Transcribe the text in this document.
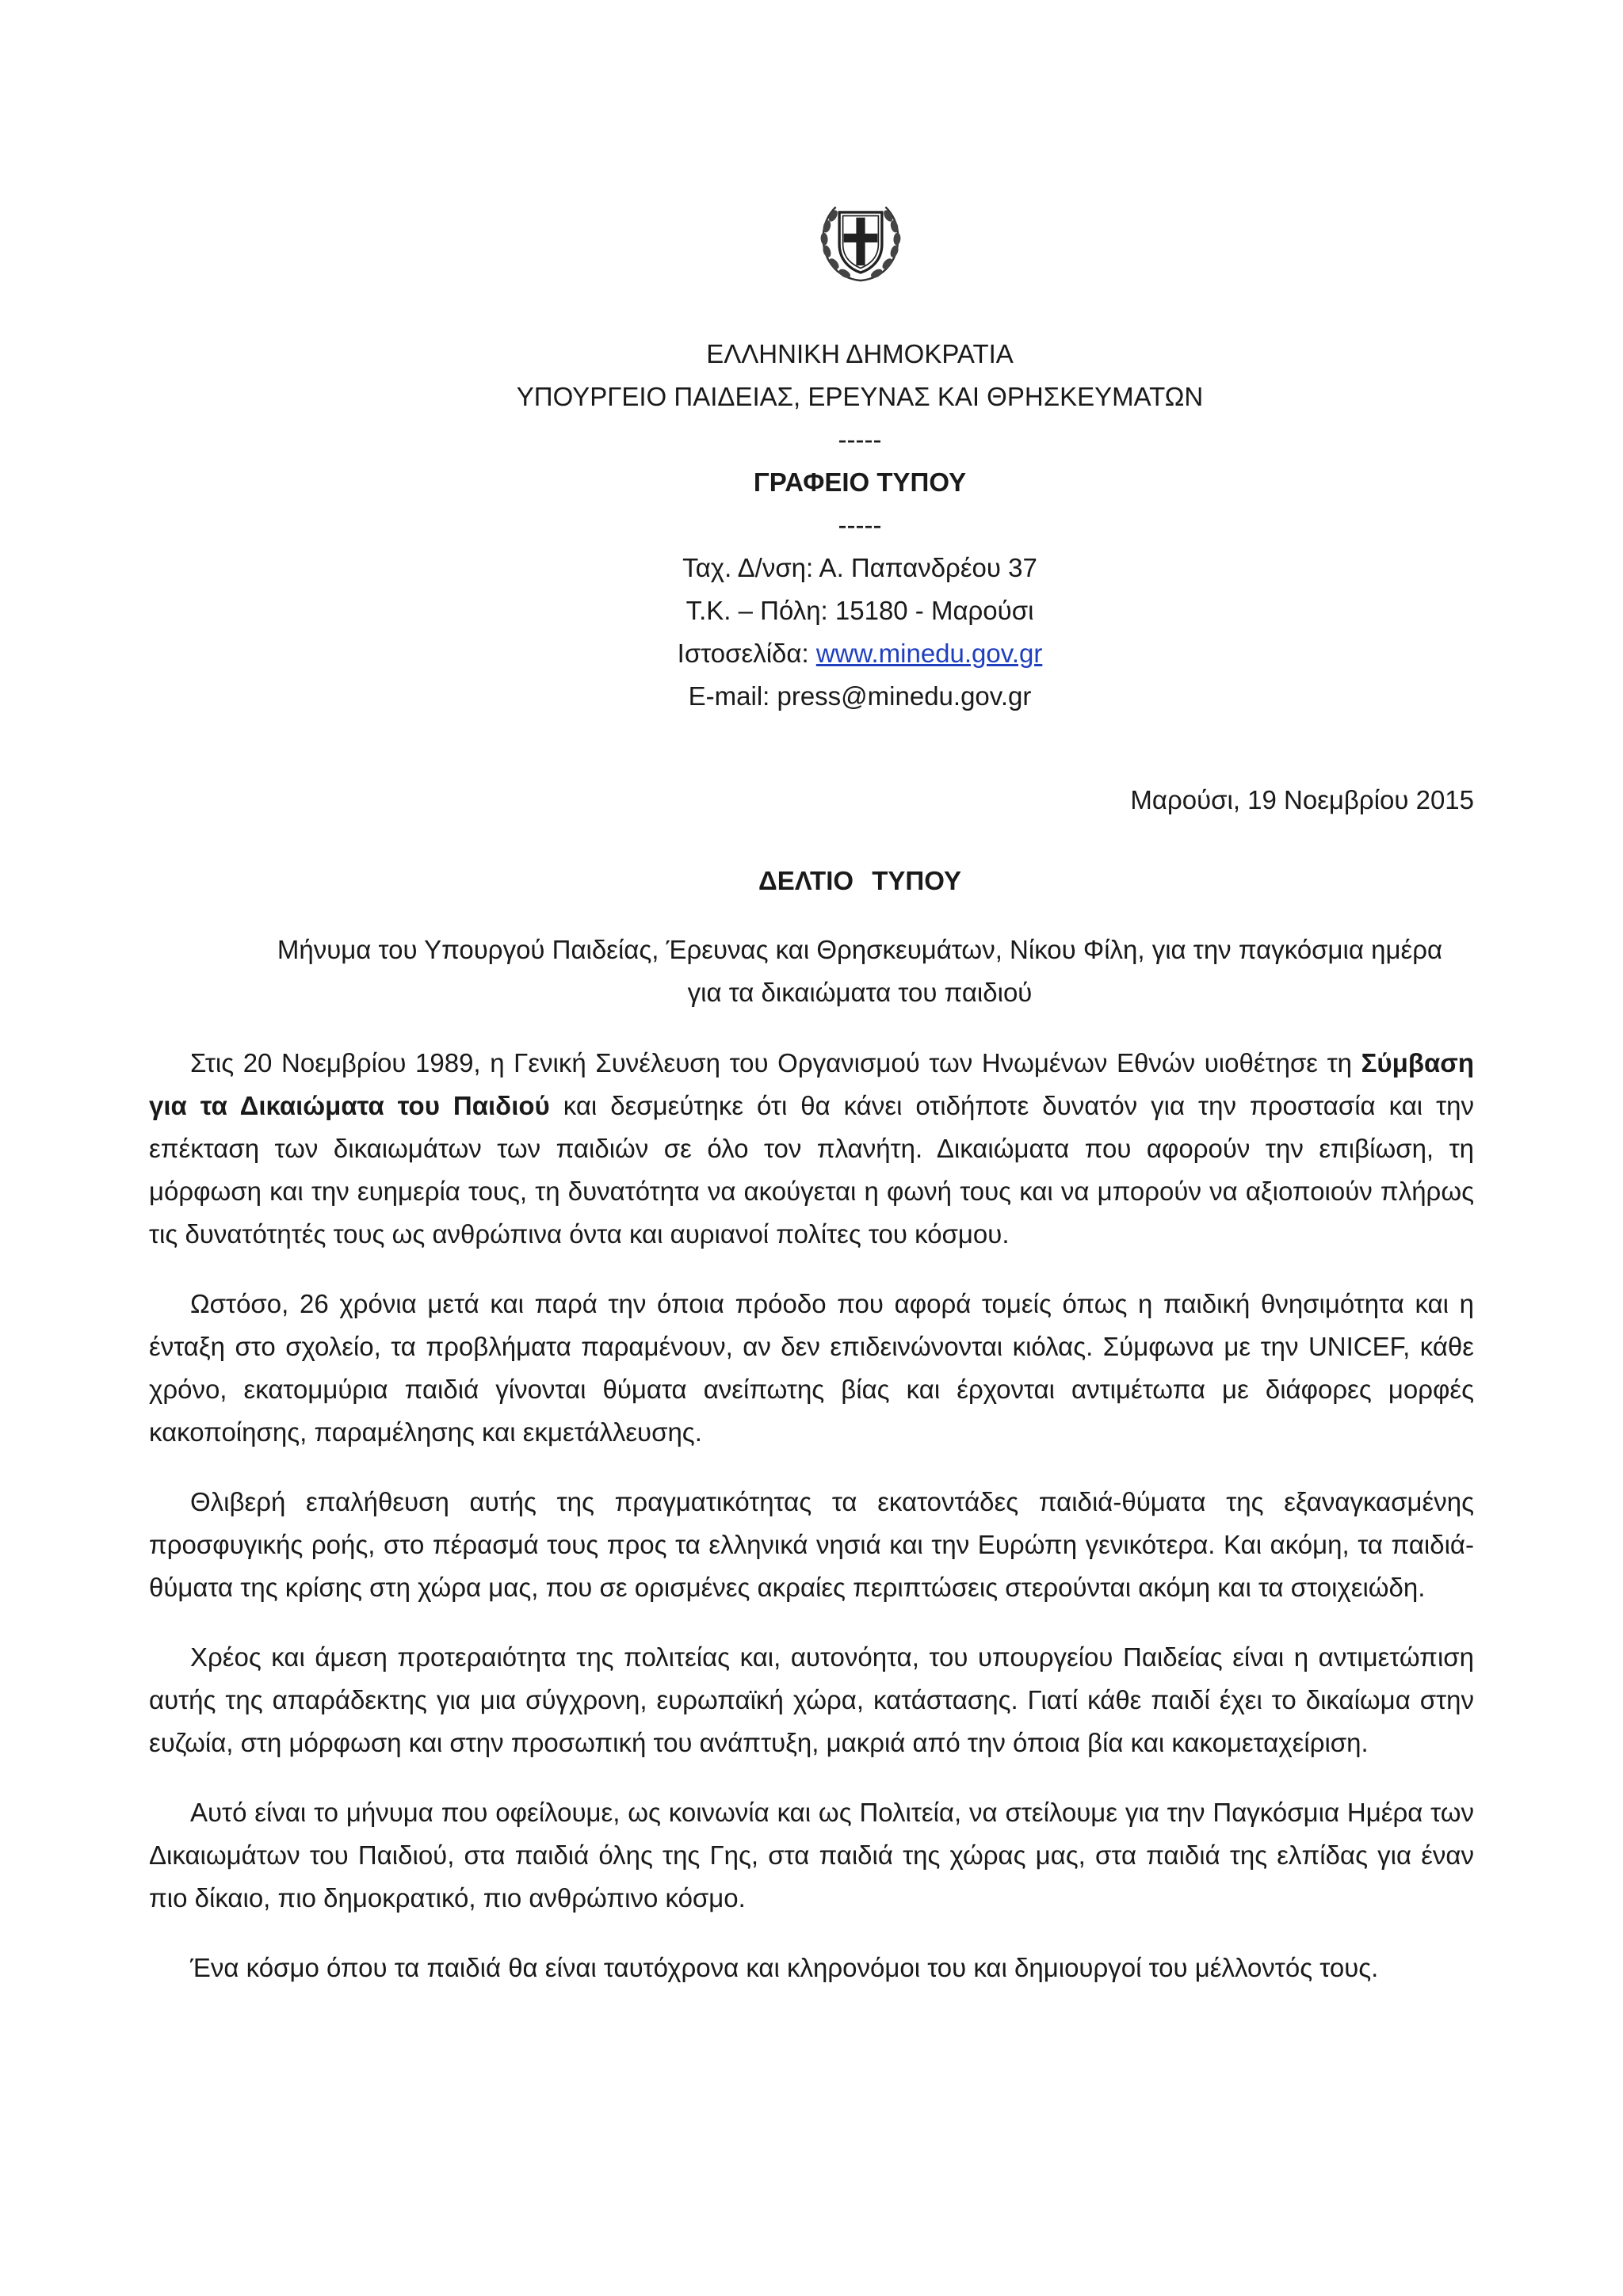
ΕΛΛΗΝΙΚΗ ΔΗΜΟΚΡΑΤΙΑ
ΥΠΟΥΡΓΕΙΟ ΠΑΙΔΕΙΑΣ, ΕΡΕΥΝΑΣ ΚΑΙ ΘΡΗΣΚΕΥΜΑΤΩΝ
-----
ΓΡΑΦΕΙΟ ΤΥΠΟΥ
-----
Ταχ. Δ/νση: Α. Παπανδρέου 37
Τ.Κ. – Πόλη: 15180 - Μαρούσι
Ιστοσελίδα: www.minedu.gov.gr
E-mail: press@minedu.gov.gr
Μαρούσι, 19 Νοεμβρίου 2015
ΔΕΛΤΙΟ ΤΥΠΟΥ
Μήνυμα του Υπουργού Παιδείας, Έρευνας και Θρησκευμάτων, Νίκου Φίλη, για την παγκόσμια ημέρα για τα δικαιώματα του παιδιού

Στις 20 Νοεμβρίου 1989, η Γενική Συνέλευση του Οργανισμού των Ηνωμένων Εθνών υιοθέτησε τη Σύμβαση για τα Δικαιώματα του Παιδιού και δεσμεύτηκε ότι θα κάνει οτιδήποτε δυνατόν για την προστασία και την επέκταση των δικαιωμάτων των παιδιών σε όλο τον πλανήτη. Δικαιώματα που αφορούν την επιβίωση, τη μόρφωση και την ευημερία τους, τη δυνατότητα να ακούγεται η φωνή τους και να μπορούν να αξιοποιούν πλήρως τις δυνατότητές τους ως ανθρώπινα όντα και αυριανοί πολίτες του κόσμου.

Ωστόσο, 26 χρόνια μετά και παρά την όποια πρόοδο που αφορά τομείς όπως η παιδική θνησιμότητα και η ένταξη στο σχολείο, τα προβλήματα παραμένουν, αν δεν επιδεινώνονται κιόλας. Σύμφωνα με την UNICEF, κάθε χρόνο, εκατομμύρια παιδιά γίνονται θύματα ανείπωτης βίας και έρχονται αντιμέτωπα με διάφορες μορφές κακοποίησης, παραμέλησης και εκμετάλλευσης.

Θλιβερή επαλήθευση αυτής της πραγματικότητας τα εκατοντάδες παιδιά-θύματα της εξαναγκασμένης προσφυγικής ροής, στο πέρασμά τους προς τα ελληνικά νησιά και την Ευρώπη γενικότερα. Και ακόμη, τα παιδιά- θύματα της κρίσης στη χώρα μας, που σε ορισμένες ακραίες περιπτώσεις στερούνται ακόμη και τα στοιχειώδη.

Χρέος και άμεση προτεραιότητα της πολιτείας και, αυτονόητα, του υπουργείου Παιδείας είναι η αντιμετώπιση αυτής της απαράδεκτης για μια σύγχρονη, ευρωπαϊκή χώρα, κατάστασης. Γιατί κάθε παιδί έχει το δικαίωμα στην ευζωία, στη μόρφωση και στην προσωπική του ανάπτυξη, μακριά από την όποια βία και κακομεταχείριση.

Αυτό είναι το μήνυμα που οφείλουμε, ως κοινωνία και ως Πολιτεία, να στείλουμε για την Παγκόσμια Ημέρα των Δικαιωμάτων του Παιδιού, στα παιδιά όλης της Γης, στα παιδιά της χώρας μας, στα παιδιά της ελπίδας για έναν πιο δίκαιο, πιο δημοκρατικό, πιο ανθρώπινο κόσμο.

Ένα κόσμο όπου τα παιδιά θα είναι ταυτόχρονα και κληρονόμοι του και δημιουργοί του μέλλοντός τους.
